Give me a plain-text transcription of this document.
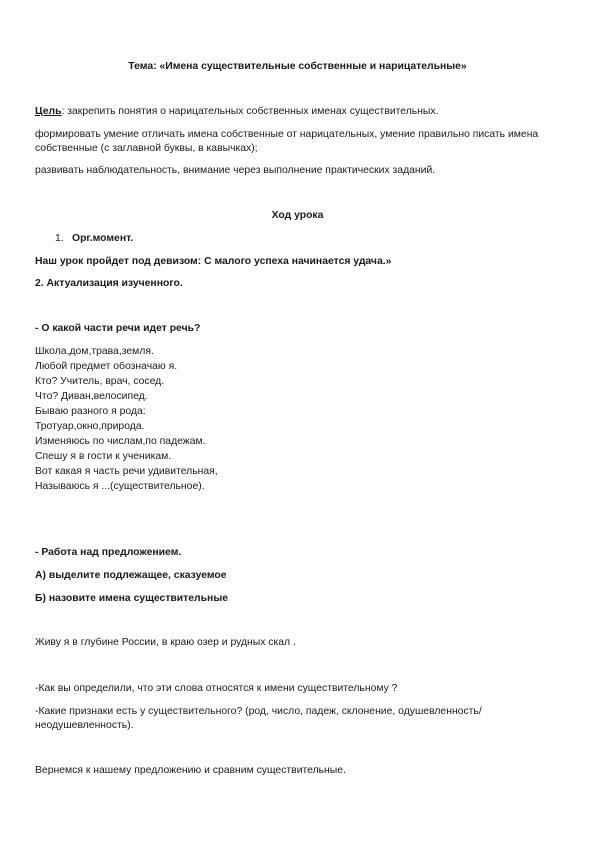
Тема: «Имена существительные собственные и нарицательные»
Цель: закрепить понятия о нарицательных собственных именах существительных.
формировать умение отличать имена собственные от нарицательных, умение правильно писать имена
собственные (с заглавной буквы, в кавычках);
развивать наблюдательность, внимание через выполнение практических заданий.
Ход урока
1. Орг.момент.
Наш урок пройдет под девизом: С малого успеха начинается удача.»
2. Актуализация изученного.
- О какой части речи идет речь?
Школа,дом,трава,земля.
Любой предмет обозначаю я.
Кто? Учитель, врач, сосед.
Что? Диван,велосипед.
Бываю разного я рода:
Тротуар,окно,природа.
Изменяюсь по числам,по падежам.
Спешу я в гости к ученикам.
Вот какая я часть речи удивительная,
Называюсь я ...(существительное).
- Работа над предложением.
А) выделите подлежащее, сказуемое
Б) назовите имена существительные
Живу я в глубине России, в краю озер и рудных скал .
-Как вы определили, что эти слова относятся к имени существительному ?
-Какие признаки есть у существительного? (род, число, падеж, склонение, одушевленность/
неодушевленность).
Вернемся к нашему предложению и сравним существительные.
